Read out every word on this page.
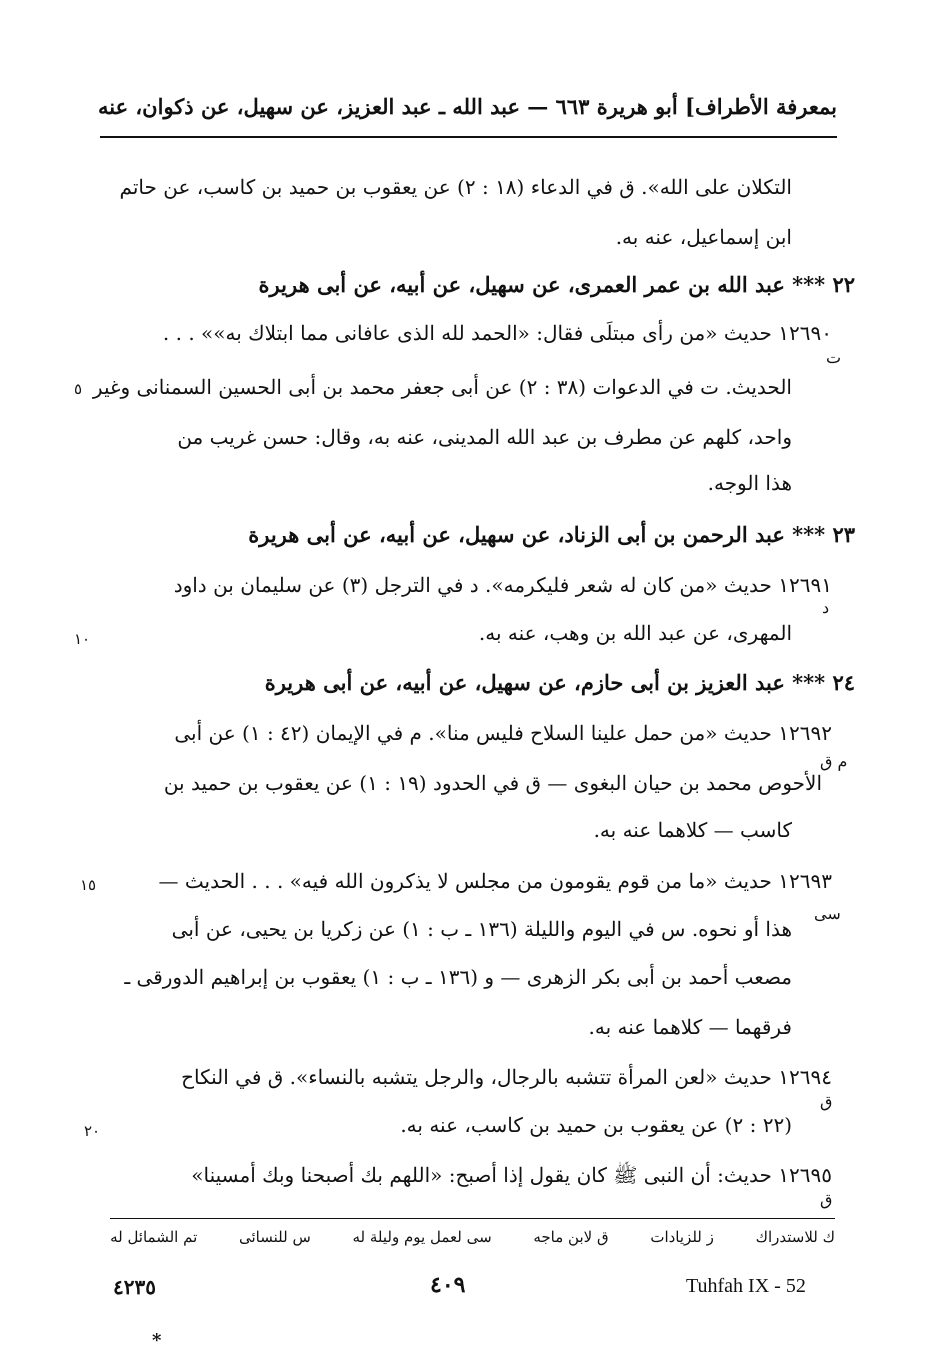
بمعرفة الأطراف] أبو هريرة ٦٦٣ — عبد الله ـ عبد العزيز، عن سهيل، عن ذكوان، عنه
التكلان على الله». ق في الدعاء (١٨ : ٢) عن يعقوب بن حميد بن كاسب، عن حاتم
ابن إسماعيل، عنه به.
٢٢ *** عبد الله بن عمر العمرى، عن سهيل، عن أبيه، عن أبى هريرة
١٢٦٩٠ حديث «من رأى مبتلَى فقال: «الحمد لله الذى عافانى مما ابتلاك به»» . . .
ت
الحديث. ت في الدعوات (٣٨ : ٢) عن أبى جعفر محمد بن أبى الحسين السمنانى وغير
٥
واحد، كلهم عن مطرف بن عبد الله المدينى، عنه به، وقال: حسن غريب من
هذا الوجه.
٢٣ *** عبد الرحمن بن أبى الزناد، عن سهيل، عن أبيه، عن أبى هريرة
١٢٦٩١ حديث «من كان له شعر فليكرمه». د في الترجل (٣) عن سليمان بن داود
د
المهرى، عن عبد الله بن وهب، عنه به.
١٠
٢٤ *** عبد العزيز بن أبى حازم، عن سهيل، عن أبيه، عن أبى هريرة
١٢٦٩٢ حديث «من حمل علينا السلاح فليس منا». م في الإيمان (٤٢ : ١) عن أبى
م ق
الأحوص محمد بن حيان البغوى — ق في الحدود (١٩ : ١) عن يعقوب بن حميد بن
كاسب — كلاهما عنه به.
١٢٦٩٣ حديث «ما من قوم يقومون من مجلس لا يذكرون الله فيه» . . . الحديث —
١٥
سى
هذا أو نحوه. س في اليوم والليلة (١٣٦ ـ ب : ١) عن زكريا بن يحيى، عن أبى
مصعب أحمد بن أبى بكر الزهرى — و (١٣٦ ـ ب : ١) يعقوب بن إبراهيم الدورقى ـ
فرقهما — كلاهما عنه به.
١٢٦٩٤ حديث «لعن المرأة تتشبه بالرجال، والرجل يتشبه بالنساء». ق في النكاح
ق
(٢٢ : ٢) عن يعقوب بن حميد بن كاسب، عنه به.
٢٠
١٢٦٩٥ حديث: أن النبى ﷺ كان يقول إذا أصبح: «اللهم بك أصبحنا وبك أمسينا»
ق
تم الشمائل له	س للنسائى	سى لعمل يوم وليلة له	ق لابن ماجه	ز للزيادات	ك للاستدراك
Tuhfah IX - 52
٤٠٩
٤٢٣٥
*
